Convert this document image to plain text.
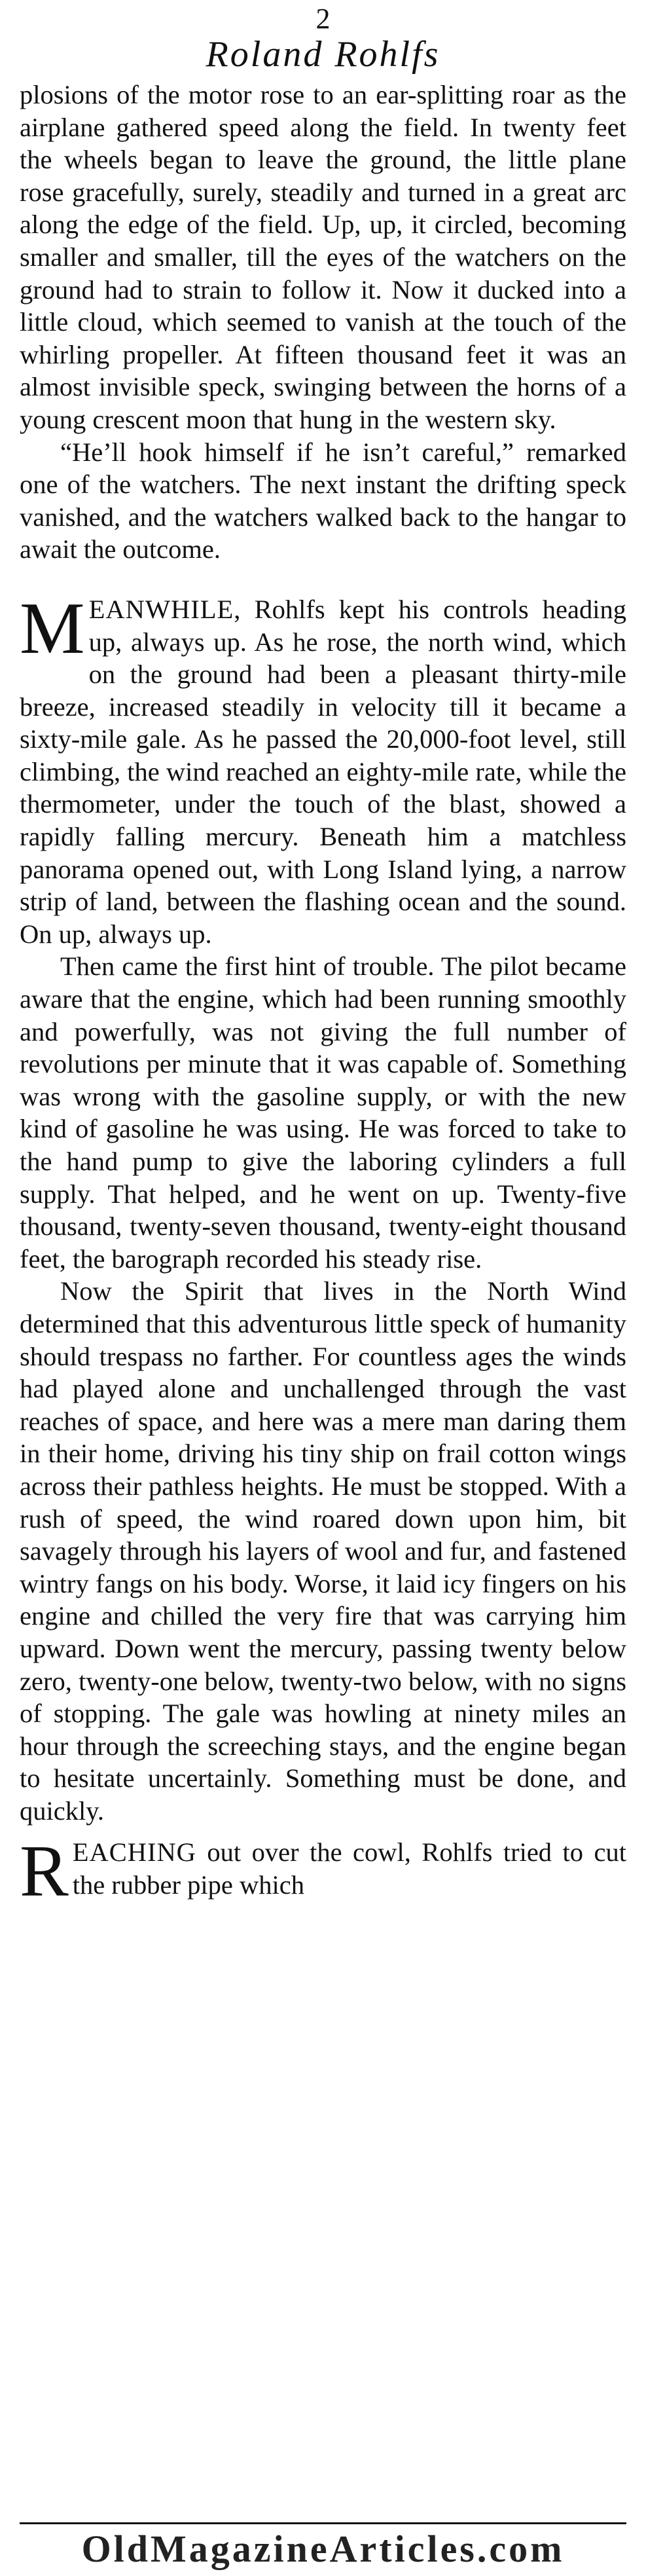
2
Roland Rohlfs

plosions of the motor rose to an ear-splitting roar as the airplane gathered speed along the field. In twenty feet the wheels began to leave the ground, the little plane rose gracefully, surely, steadily and turned in a great arc along the edge of the field. Up, up, it circled, becoming smaller and smaller, till the eyes of the watchers on the ground had to strain to follow it. Now it ducked into a little cloud, which seemed to vanish at the touch of the whirling propeller. At fifteen thousand feet it was an almost invisible speck, swinging between the horns of a young crescent moon that hung in the western sky.

“He’ll hook himself if he isn’t careful,” remarked one of the watchers. The next instant the drifting speck vanished, and the watchers walked back to the hangar to await the outcome.

MEANWHILE, Rohlfs kept his controls heading up, always up. As he rose, the north wind, which on the ground had been a pleasant thirty-mile breeze, increased steadily in velocity till it became a sixty-mile gale. As he passed the 20,000-foot level, still climbing, the wind reached an eighty-mile rate, while the thermometer, under the touch of the blast, showed a rapidly falling mercury. Beneath him a matchless panorama opened out, with Long Island lying, a narrow strip of land, between the flashing ocean and the sound. On up, always up.

Then came the first hint of trouble. The pilot became aware that the engine, which had been running smoothly and powerfully, was not giving the full number of revolutions per minute that it was capable of. Something was wrong with the gasoline supply, or with the new kind of gasoline he was using. He was forced to take to the hand pump to give the laboring cylinders a full supply. That helped, and he went on up. Twenty-five thousand, twenty-seven thousand, twenty-eight thousand feet, the barograph recorded his steady rise.

Now the Spirit that lives in the North Wind determined that this adventurous little speck of humanity should trespass no farther. For countless ages the winds had played alone and unchallenged through the vast reaches of space, and here was a mere man daring them in their home, driving his tiny ship on frail cotton wings across their pathless heights. He must be stopped. With a rush of speed, the wind roared down upon him, bit savagely through his layers of wool and fur, and fastened wintry fangs on his body. Worse, it laid icy fingers on his engine and chilled the very fire that was carrying him upward. Down went the mercury, passing twenty below zero, twenty-one below, twenty-two below, with no signs of stopping. The gale was howling at ninety miles an hour through the screeching stays, and the engine began to hesitate uncertainly. Something must be done, and quickly.

REACHING out over the cowl, Rohlfs tried to cut the rubber pipe which

OldMagazineArticles.com
